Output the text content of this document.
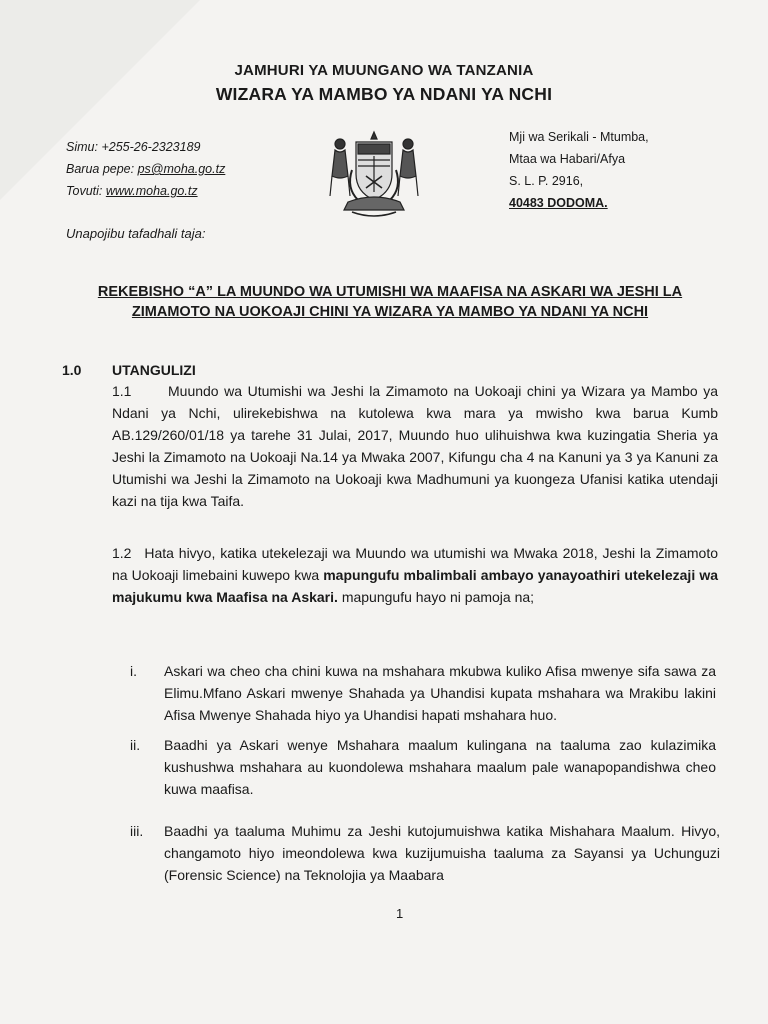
JAMHURI YA MUUNGANO WA TANZANIA
WIZARA YA MAMBO YA NDANI YA NCHI
Simu: +255-26-2323189
Barua pepe: ps@moha.go.tz
Tovuti: www.moha.go.tz
Mji wa Serikali - Mtumba,
Mtaa wa Habari/Afya
S. L. P. 2916,
40483 DODOMA.
Unapojibu tafadhali taja:
REKEBISHO “A” LA MUUNDO WA UTUMISHI WA MAAFISA NA ASKARI WA JESHI LA
ZIMAMOTO NA UOKOAJI CHINI YA WIZARA YA MAMBO YA NDANI YA NCHI
1.0 UTANGULIZI
1.1	Muundo wa Utumishi wa Jeshi la Zimamoto na Uokoaji chini ya Wizara ya Mambo ya Ndani ya Nchi, ulirekebishwa na kutolewa kwa mara ya mwisho kwa barua Kumb AB.129/260/01/18 ya tarehe 31 Julai, 2017, Muundo huo ulihuishwa kwa kuzingatia Sheria ya Jeshi la Zimamoto na Uokoaji Na.14 ya Mwaka 2007, Kifungu cha 4 na Kanuni ya 3 ya Kanuni za Utumishi wa Jeshi la Zimamoto na Uokoaji kwa Madhumuni ya kuongeza Ufanisi katika utendaji kazi na tija kwa Taifa.
1.2 Hata hivyo, katika utekelezaji wa Muundo wa utumishi wa Mwaka 2018, Jeshi la Zimamoto na Uokoaji limebaini kuwepo kwa mapungufu mbalimbali ambayo yanayoathiri utekelezaji wa majukumu kwa Maafisa na Askari. mapungufu hayo ni pamoja na;
i.	Askari wa cheo cha chini kuwa na mshahara mkubwa kuliko Afisa mwenye sifa sawa za Elimu.Mfano Askari mwenye Shahada ya Uhandisi kupata mshahara wa Mrakibu lakini Afisa Mwenye Shahada hiyo ya Uhandisi hapati mshahara huo.
ii.	Baadhi ya Askari wenye Mshahara maalum kulingana na taaluma zao kulazimika kushushwa mshahara au kuondolewa mshahara maalum pale wanapopandishwa cheo kuwa maafisa.
iii.	Baadhi ya taaluma Muhimu za Jeshi kutojumuishwa katika Mishahara Maalum. Hivyo, changamoto hiyo imeondolewa kwa kuzijumuisha taaluma za Sayansi ya Uchunguzi (Forensic Science) na Teknolojia ya Maabara
1
